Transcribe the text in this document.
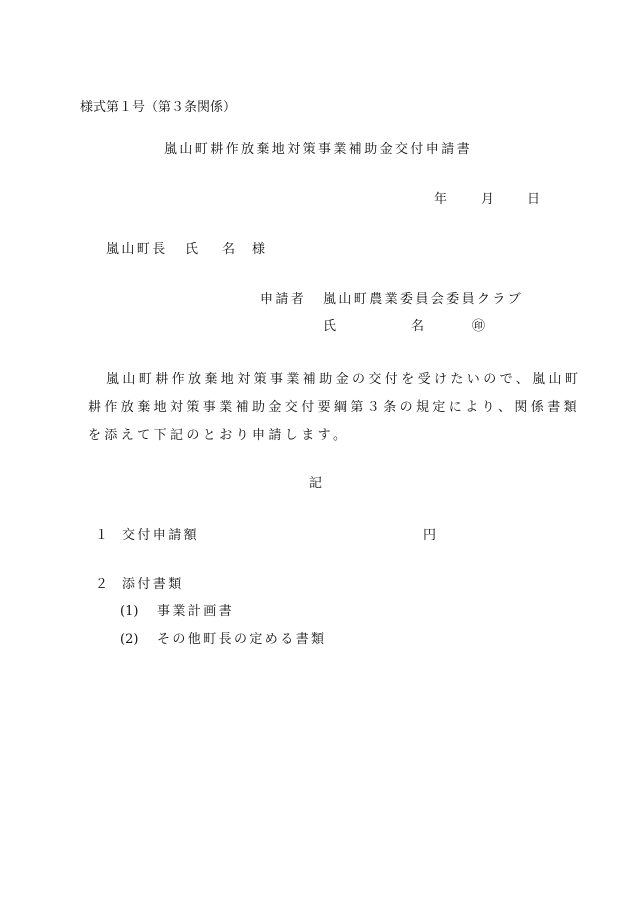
様式第１号（第３条関係）
嵐山町耕作放棄地対策事業補助金交付申請書
年	月	日
嵐山町長 氏 名 様
申請者 嵐山町農業委員会委員クラブ
氏	名	㊞
嵐山町耕作放棄地対策事業補助金の交付を受けたいので、嵐山町
耕作放棄地対策事業補助金交付要綱第３条の規定により、関係書類
を添えて下記のとおり申請します。
記
１ 交付申請額	円
２ 添付書類
(1) 事業計画書
(2) その他町長の定める書類
